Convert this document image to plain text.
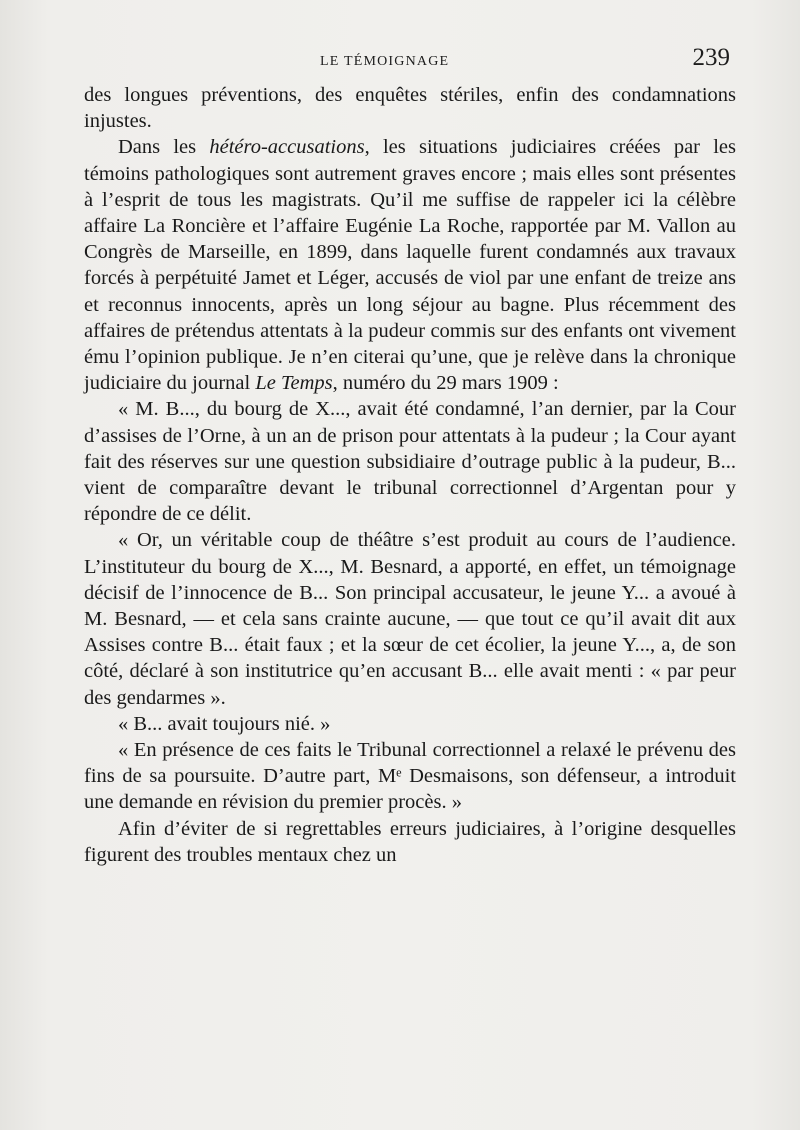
LE TÉMOIGNAGE	239

des longues préventions, des enquêtes stériles, enfin des condamnations injustes.

Dans les hétéro-accusations, les situations judiciaires créées par les témoins pathologiques sont autrement graves encore ; mais elles sont présentes à l’esprit de tous les magistrats. Qu’il me suffise de rappeler ici la célèbre affaire La Roncière et l’affaire Eugénie La Roche, rapportée par M. Vallon au Congrès de Marseille, en 1899, dans laquelle furent condamnés aux travaux forcés à perpétuité Jamet et Léger, accusés de viol par une enfant de treize ans et reconnus innocents, après un long séjour au bagne. Plus récemment des affaires de prétendus attentats à la pudeur commis sur des enfants ont vivement ému l’opinion publique. Je n’en citerai qu’une, que je relève dans la chronique judiciaire du journal Le Temps, numéro du 29 mars 1909 :

« M. B..., du bourg de X..., avait été condamné, l’an dernier, par la Cour d’assises de l’Orne, à un an de prison pour attentats à la pudeur ; la Cour ayant fait des réserves sur une question subsidiaire d’outrage public à la pudeur, B... vient de comparaître devant le tribunal correctionnel d’Argentan pour y répondre de ce délit.

« Or, un véritable coup de théâtre s’est produit au cours de l’audience. L’instituteur du bourg de X..., M. Besnard, a apporté, en effet, un témoignage décisif de l’innocence de B... Son principal accusateur, le jeune Y... a avoué à M. Besnard, — et cela sans crainte aucune, — que tout ce qu’il avait dit aux Assises contre B... était faux ; et la sœur de cet écolier, la jeune Y..., a, de son côté, déclaré à son institutrice qu’en accusant B... elle avait menti : « par peur des gendarmes ».

« B... avait toujours nié. »

« En présence de ces faits le Tribunal correctionnel a relaxé le prévenu des fins de sa poursuite. D’autre part, Mᵉ Desmaisons, son défenseur, a introduit une demande en révision du premier procès. »

Afin d’éviter de si regrettables erreurs judiciaires, à l’origine desquelles figurent des troubles mentaux chez un
